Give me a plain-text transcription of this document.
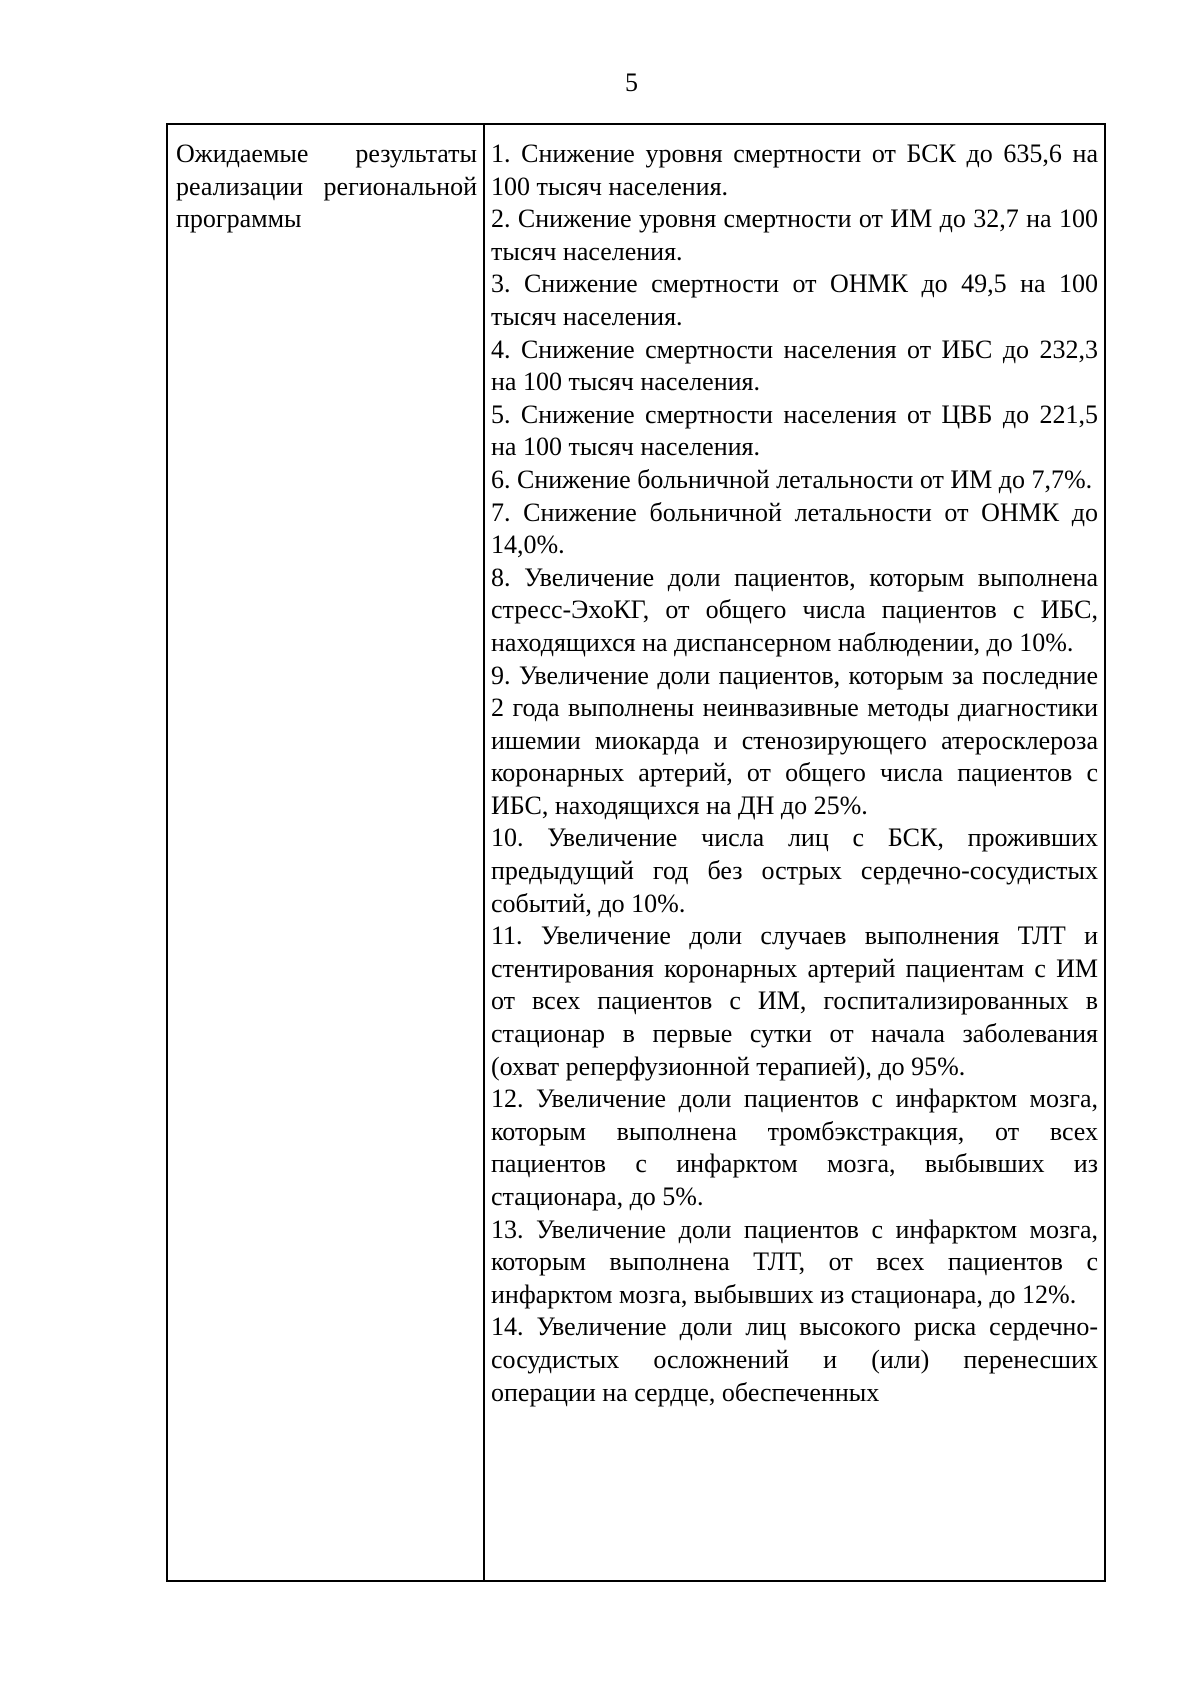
5
Ожидаемые результаты
реализации региональной программы

1. Снижение уровня смертности от БСК до 635,6 на 100 тысяч населения.

2. Снижение уровня смертности от ИМ до 32,7 на 100 тысяч населения.

3. Снижение смертности от ОНМК до 49,5 на 100 тысяч населения.

4. Снижение смертности населения от ИБС до 232,3 на 100 тысяч населения.

5. Снижение смертности населения от ЦВБ до 221,5 на 100 тысяч населения.

6. Снижение больничной летальности от ИМ до 7,7%.

7. Снижение больничной летальности от ОНМК до 14,0%.

8. Увеличение доли пациентов, которым выполнена стресс-ЭхоКГ, от общего числа пациентов с ИБС, находящихся на диспансерном наблюдении, до 10%.

9. Увеличение доли пациентов, которым за последние 2 года выполнены неинвазивные методы диагностики ишемии миокарда и стенозирующего атеросклероза коронарных артерий, от общего числа пациентов с ИБС, находящихся на ДН до 25%.

10. Увеличение числа лиц с БСК, проживших предыдущий год без острых сердечно-сосудистых событий, до 10%.

11. Увеличение доли случаев выполнения ТЛТ и стентирования коронарных артерий пациентам с ИМ от всех пациентов с ИМ, госпитализированных в стационар в первые сутки от начала заболевания (охват реперфузионной терапией), до 95%.

12. Увеличение доли пациентов с инфарктом мозга, которым выполнена тромбэкстракция, от всех пациентов с инфарктом мозга, выбывших из стационара, до 5%.

13. Увеличение доли пациентов с инфарктом мозга, которым выполнена ТЛТ, от всех пациентов с инфарктом мозга, выбывших из стационара, до 12%.

14. Увеличение доли лиц высокого риска сердечно-сосудистых осложнений и (или) перенесших операции на сердце, обеспеченных
